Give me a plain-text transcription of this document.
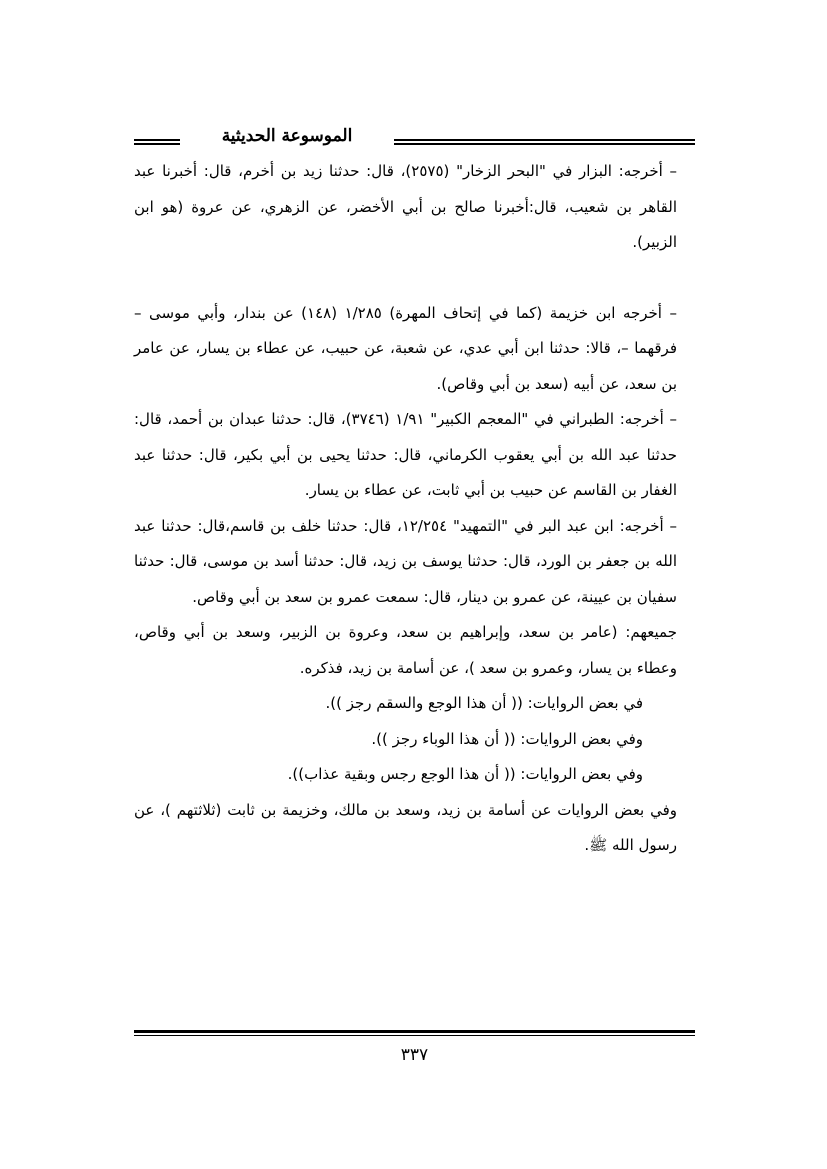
الموسوعة الحديثية

– أخرجه: البزار في "البحر الزخار" (٢٥٧٥)، قال: حدثنا زيد بن أخرم، قال: أخبرنا عبد القاهر بن شعيب، قال:أخبرنا صالح بن أبي الأخضر، عن الزهري، عن عروة (هو ابن الزبير).

– أخرجه ابن خزيمة (كما في إتحاف المهرة) ١/٢٨٥ (١٤٨) عن بندار، وأبي موسى – فرقهما –، قالا: حدثنا ابن أبي عدي، عن شعبة، عن حبيب، عن عطاء بن يسار، عن عامر بن سعد، عن أبيه (سعد بن أبي وقاص).

– أخرجه: الطبراني في "المعجم الكبير" ١/٩١ (٣٧٤٦)، قال: حدثنا عبدان بن أحمد، قال: حدثنا عبد الله بن أبي يعقوب الكرماني، قال: حدثنا يحيى بن أبي بكير، قال: حدثنا عبد الغفار بن القاسم عن حبيب بن أبي ثابت، عن عطاء بن يسار.

– أخرجه: ابن عبد البر في "التمهيد" ١٢/٢٥٤، قال: حدثنا خلف بن قاسم،قال: حدثنا عبد الله بن جعفر بن الورد، قال: حدثنا يوسف بن زيد، قال: حدثنا أسد بن موسى، قال: حدثنا سفيان بن عيينة، عن عمرو بن دينار، قال: سمعت عمرو بن سعد بن أبي وقاص.

جميعهم: (عامر بن سعد، وإبراهيم بن سعد، وعروة بن الزبير، وسعد بن أبي وقاص، وعطاء بن يسار، وعمرو بن سعد )، عن أسامة بن زيد، فذكره.

في بعض الروايات: (( أن هذا الوجع والسقم رجز )).

وفي بعض الروايات: (( أن هذا الوباء رجز )).

وفي بعض الروايات: (( أن هذا الوجع رجس وبقية عذاب)).

وفي بعض الروايات عن أسامة بن زيد، وسعد بن مالك، وخزيمة بن ثابت (ثلاثتهم )، عن رسول الله ﷺ.

٣٣٧
